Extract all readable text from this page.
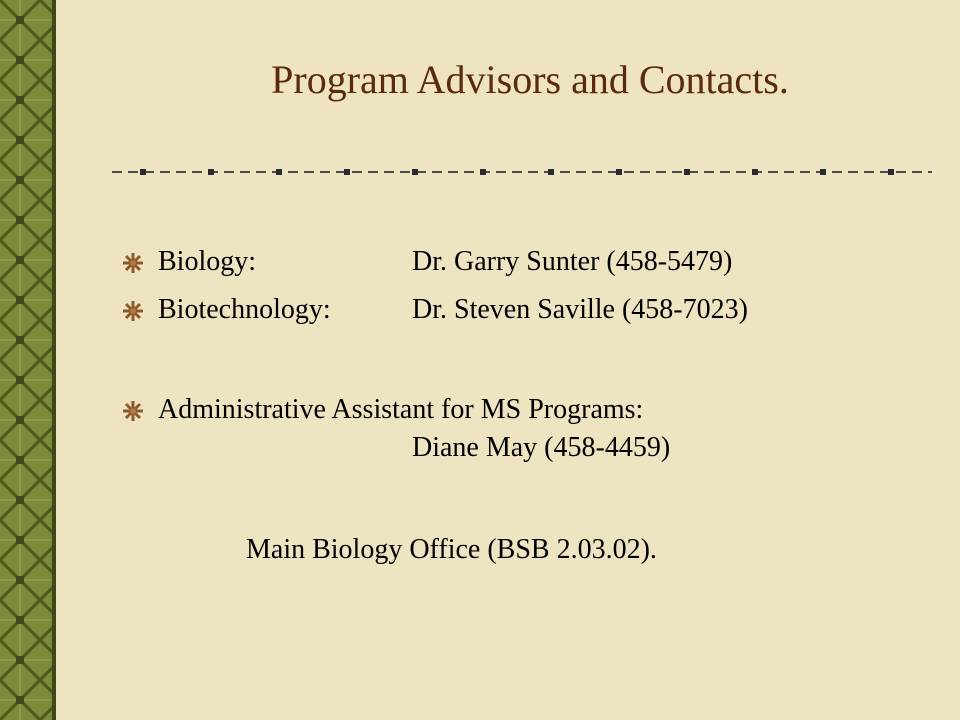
Program Advisors and Contacts.
Biology:	Dr. Garry Sunter (458-5479)
Biotechnology:	Dr. Steven Saville (458-7023)
Administrative Assistant for MS Programs:
Diane May (458-4459)
Main Biology Office (BSB 2.03.02).
